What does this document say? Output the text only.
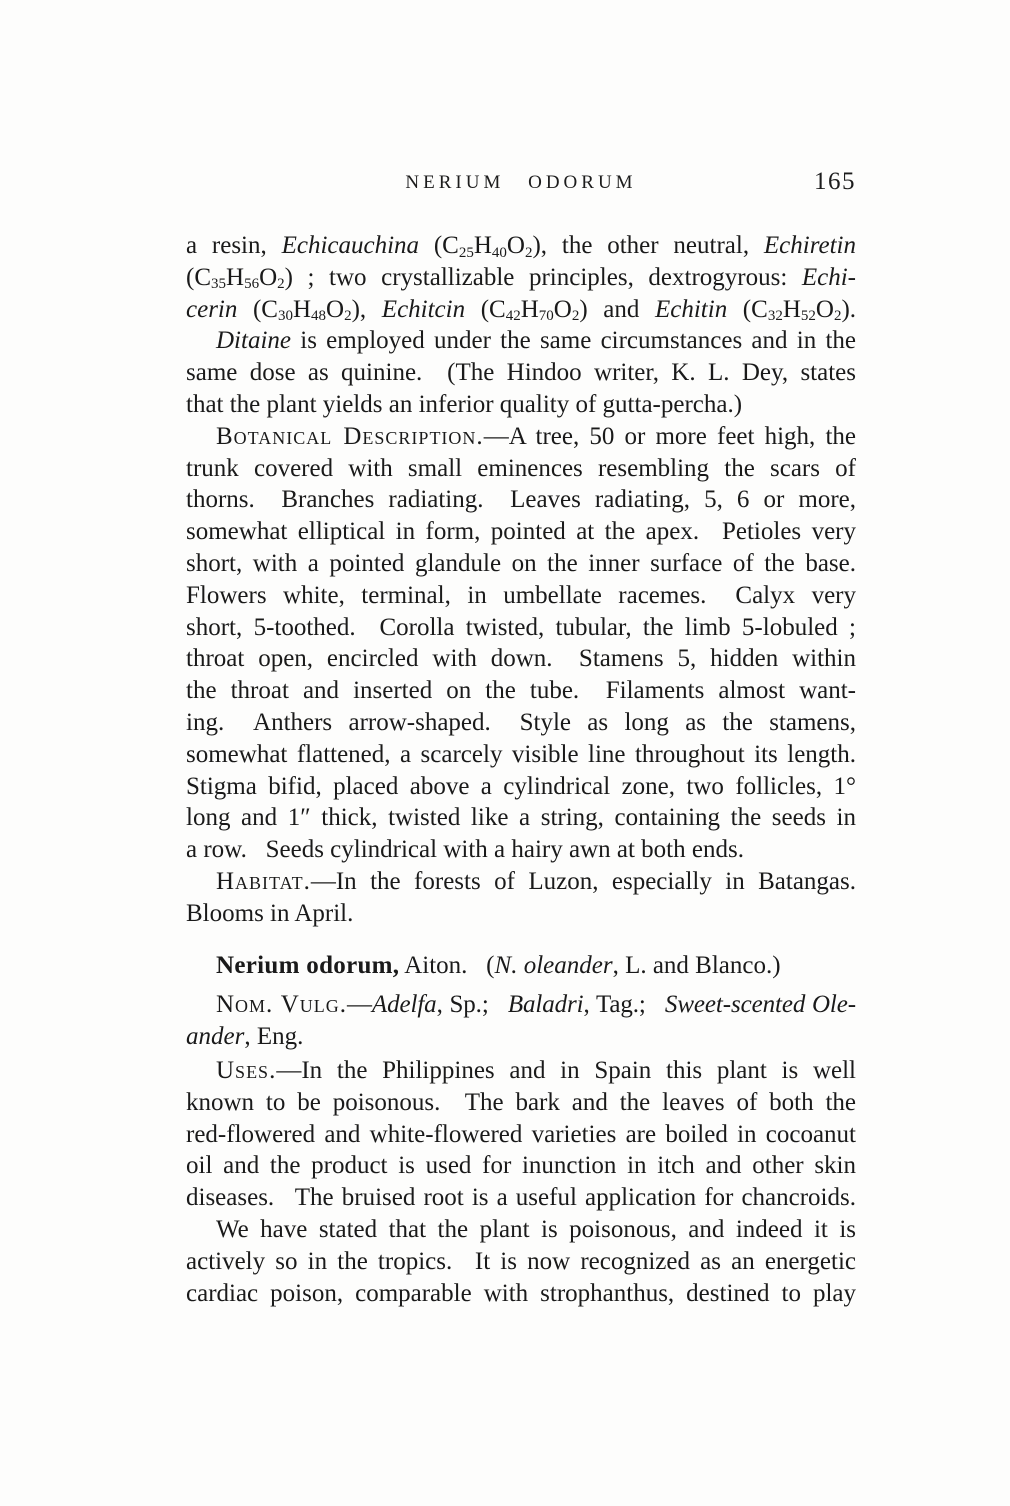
NERIUM ODORUM	165

a resin, Echicauchina (C25H40O2), the other neutral, Echiretin
(C35H56O2) ; two crystallizable principles, dextrogyrous: Echi-
cerin (C30H48O2), Echitcin (C42H70O2) and Echitin (C32H52O2).

Ditaine is employed under the same circumstances and in the
same dose as quinine.  (The Hindoo writer, K. L. Dey, states
that the plant yields an inferior quality of gutta-percha.)

Botanical Description.—A tree, 50 or more feet high, the
trunk covered with small eminences resembling the scars of
thorns.  Branches radiating.  Leaves radiating, 5, 6 or more,
somewhat elliptical in form, pointed at the apex.  Petioles very
short, with a pointed glandule on the inner surface of the base.
Flowers white, terminal, in umbellate racemes.  Calyx very
short, 5-toothed.  Corolla twisted, tubular, the limb 5-lobuled ;
throat open, encircled with down.  Stamens 5, hidden within
the throat and inserted on the tube.  Filaments almost want-
ing.  Anthers arrow-shaped.  Style as long as the stamens,
somewhat flattened, a scarcely visible line throughout its length.
Stigma bifid, placed above a cylindrical zone, two follicles, 1°
long and 1″ thick, twisted like a string, containing the seeds in
a row.  Seeds cylindrical with a hairy awn at both ends.

Habitat.—In the forests of Luzon, especially in Batangas.
Blooms in April.

Nerium odorum, Aiton.  (N. oleander, L. and Blanco.)

Nom. Vulg.—Adelfa, Sp.;  Baladri, Tag.;  Sweet-scented Ole-
ander, Eng.

Uses.—In the Philippines and in Spain this plant is well
known to be poisonous.  The bark and the leaves of both the
red-flowered and white-flowered varieties are boiled in cocoanut
oil and the product is used for inunction in itch and other skin
diseases.  The bruised root is a useful application for chancroids.

We have stated that the plant is poisonous, and indeed it is
actively so in the tropics.  It is now recognized as an energetic
cardiac poison, comparable with strophanthus, destined to play
